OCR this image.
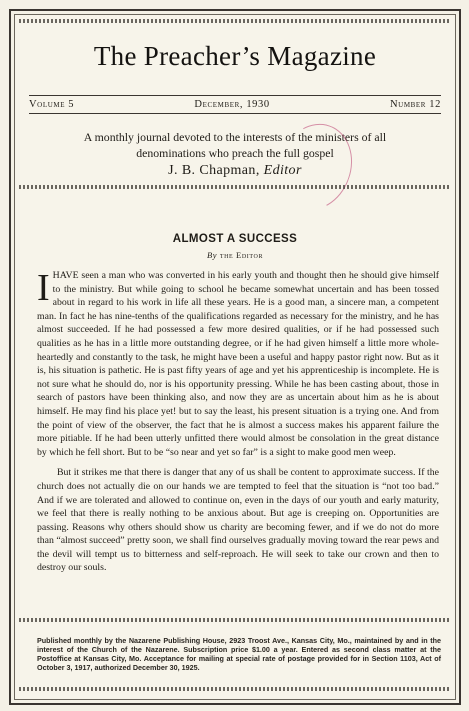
The Preacher’s Magazine
Volume 5	December, 1930	Number 12
A monthly journal devoted to the interests of the ministers of all
denominations who preach the full gospel
J. B. Chapman, Editor
ALMOST A SUCCESS
By the Editor

IHAVE seen a man who was converted in his early youth and thought then he should give himself to the ministry. But while going to school he became somewhat uncertain and has been tossed about in regard to his work in life all these years. He is a good man, a sincere man, a competent man. In fact he has nine-tenths of the qualifications regarded as necessary for the ministry, and he has almost succeeded. If he had possessed a few more desired qualities, or if he had possessed such qualities as he has in a little more outstanding degree, or if he had given himself a little more whole-heartedly and constantly to the task, he might have been a useful and happy pastor right now. But as it is, his situation is pathetic. He is past fifty years of age and yet his apprenticeship is incomplete. He is not sure what he should do, nor is his opportunity pressing. While he has been casting about, those in search of pastors have been thinking also, and now they are as uncertain about him as he is about himself. He may find his place yet! but to say the least, his present situation is a trying one. And from the point of view of the observer, the fact that he is almost a success makes his apparent failure the more pitiable. If he had been utterly unfitted there would almost be consolation in the great distance by which he fell short. But to be “so near and yet so far” is a sight to make good men weep.

But it strikes me that there is danger that any of us shall be content to approximate success. If the church does not actually die on our hands we are tempted to feel that the situation is “not too bad.” And if we are tolerated and allowed to continue on, even in the days of our youth and early maturity, we feel that there is really nothing to be anxious about. But age is creeping on. Opportunities are passing. Reasons why others should show us charity are becoming fewer, and if we do not do more than “almost succeed” pretty soon, we shall find ourselves gradually moving toward the rear pews and the devil will tempt us to bitterness and self-reproach. He will seek to take our crown and then to destroy our souls.

Published monthly by the Nazarene Publishing House, 2923 Troost Ave., Kansas City, Mo., maintained by and in the interest of the Church of the Nazarene. Subscription price $1.00 a year. Entered as second class matter at the Postoffice at Kansas City, Mo. Acceptance for mailing at special rate of postage provided for in Section 1103, Act of October 3, 1917, authorized December 30, 1925.
